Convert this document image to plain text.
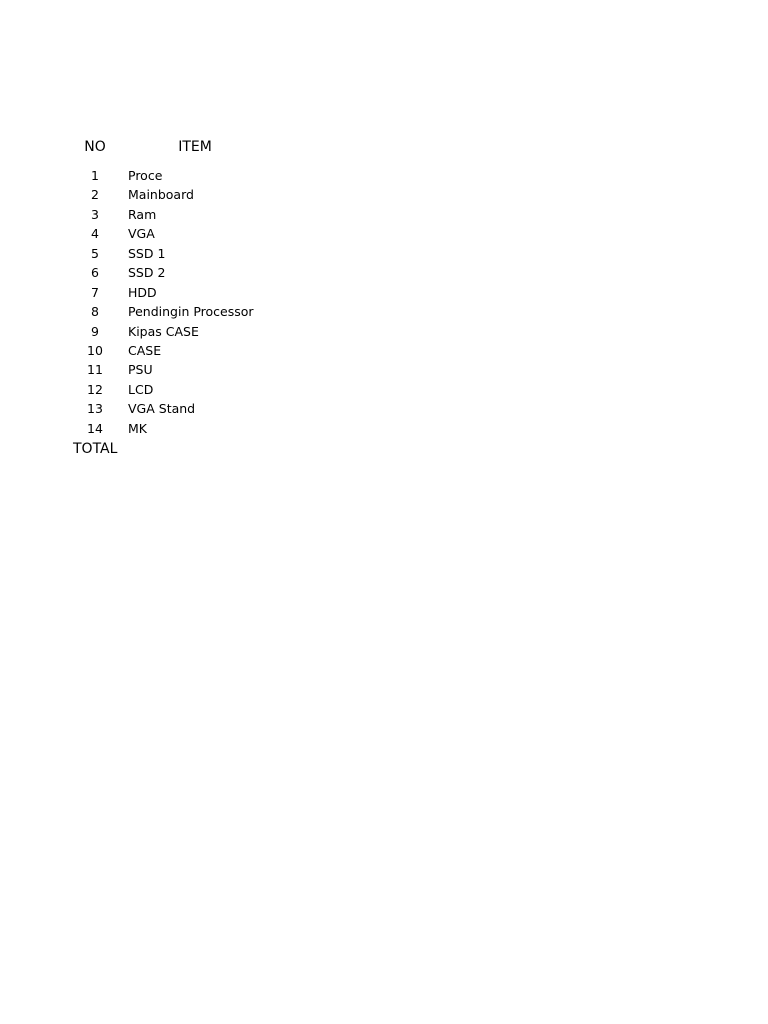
NO	ITEM
1	Proce
2	Mainboard
3	Ram
4	VGA
5	SSD 1
6	SSD 2
7	HDD
8	Pendingin Processor
9	Kipas CASE
10	CASE
11	PSU
12	LCD
13	VGA Stand
14	MK
TOTAL
